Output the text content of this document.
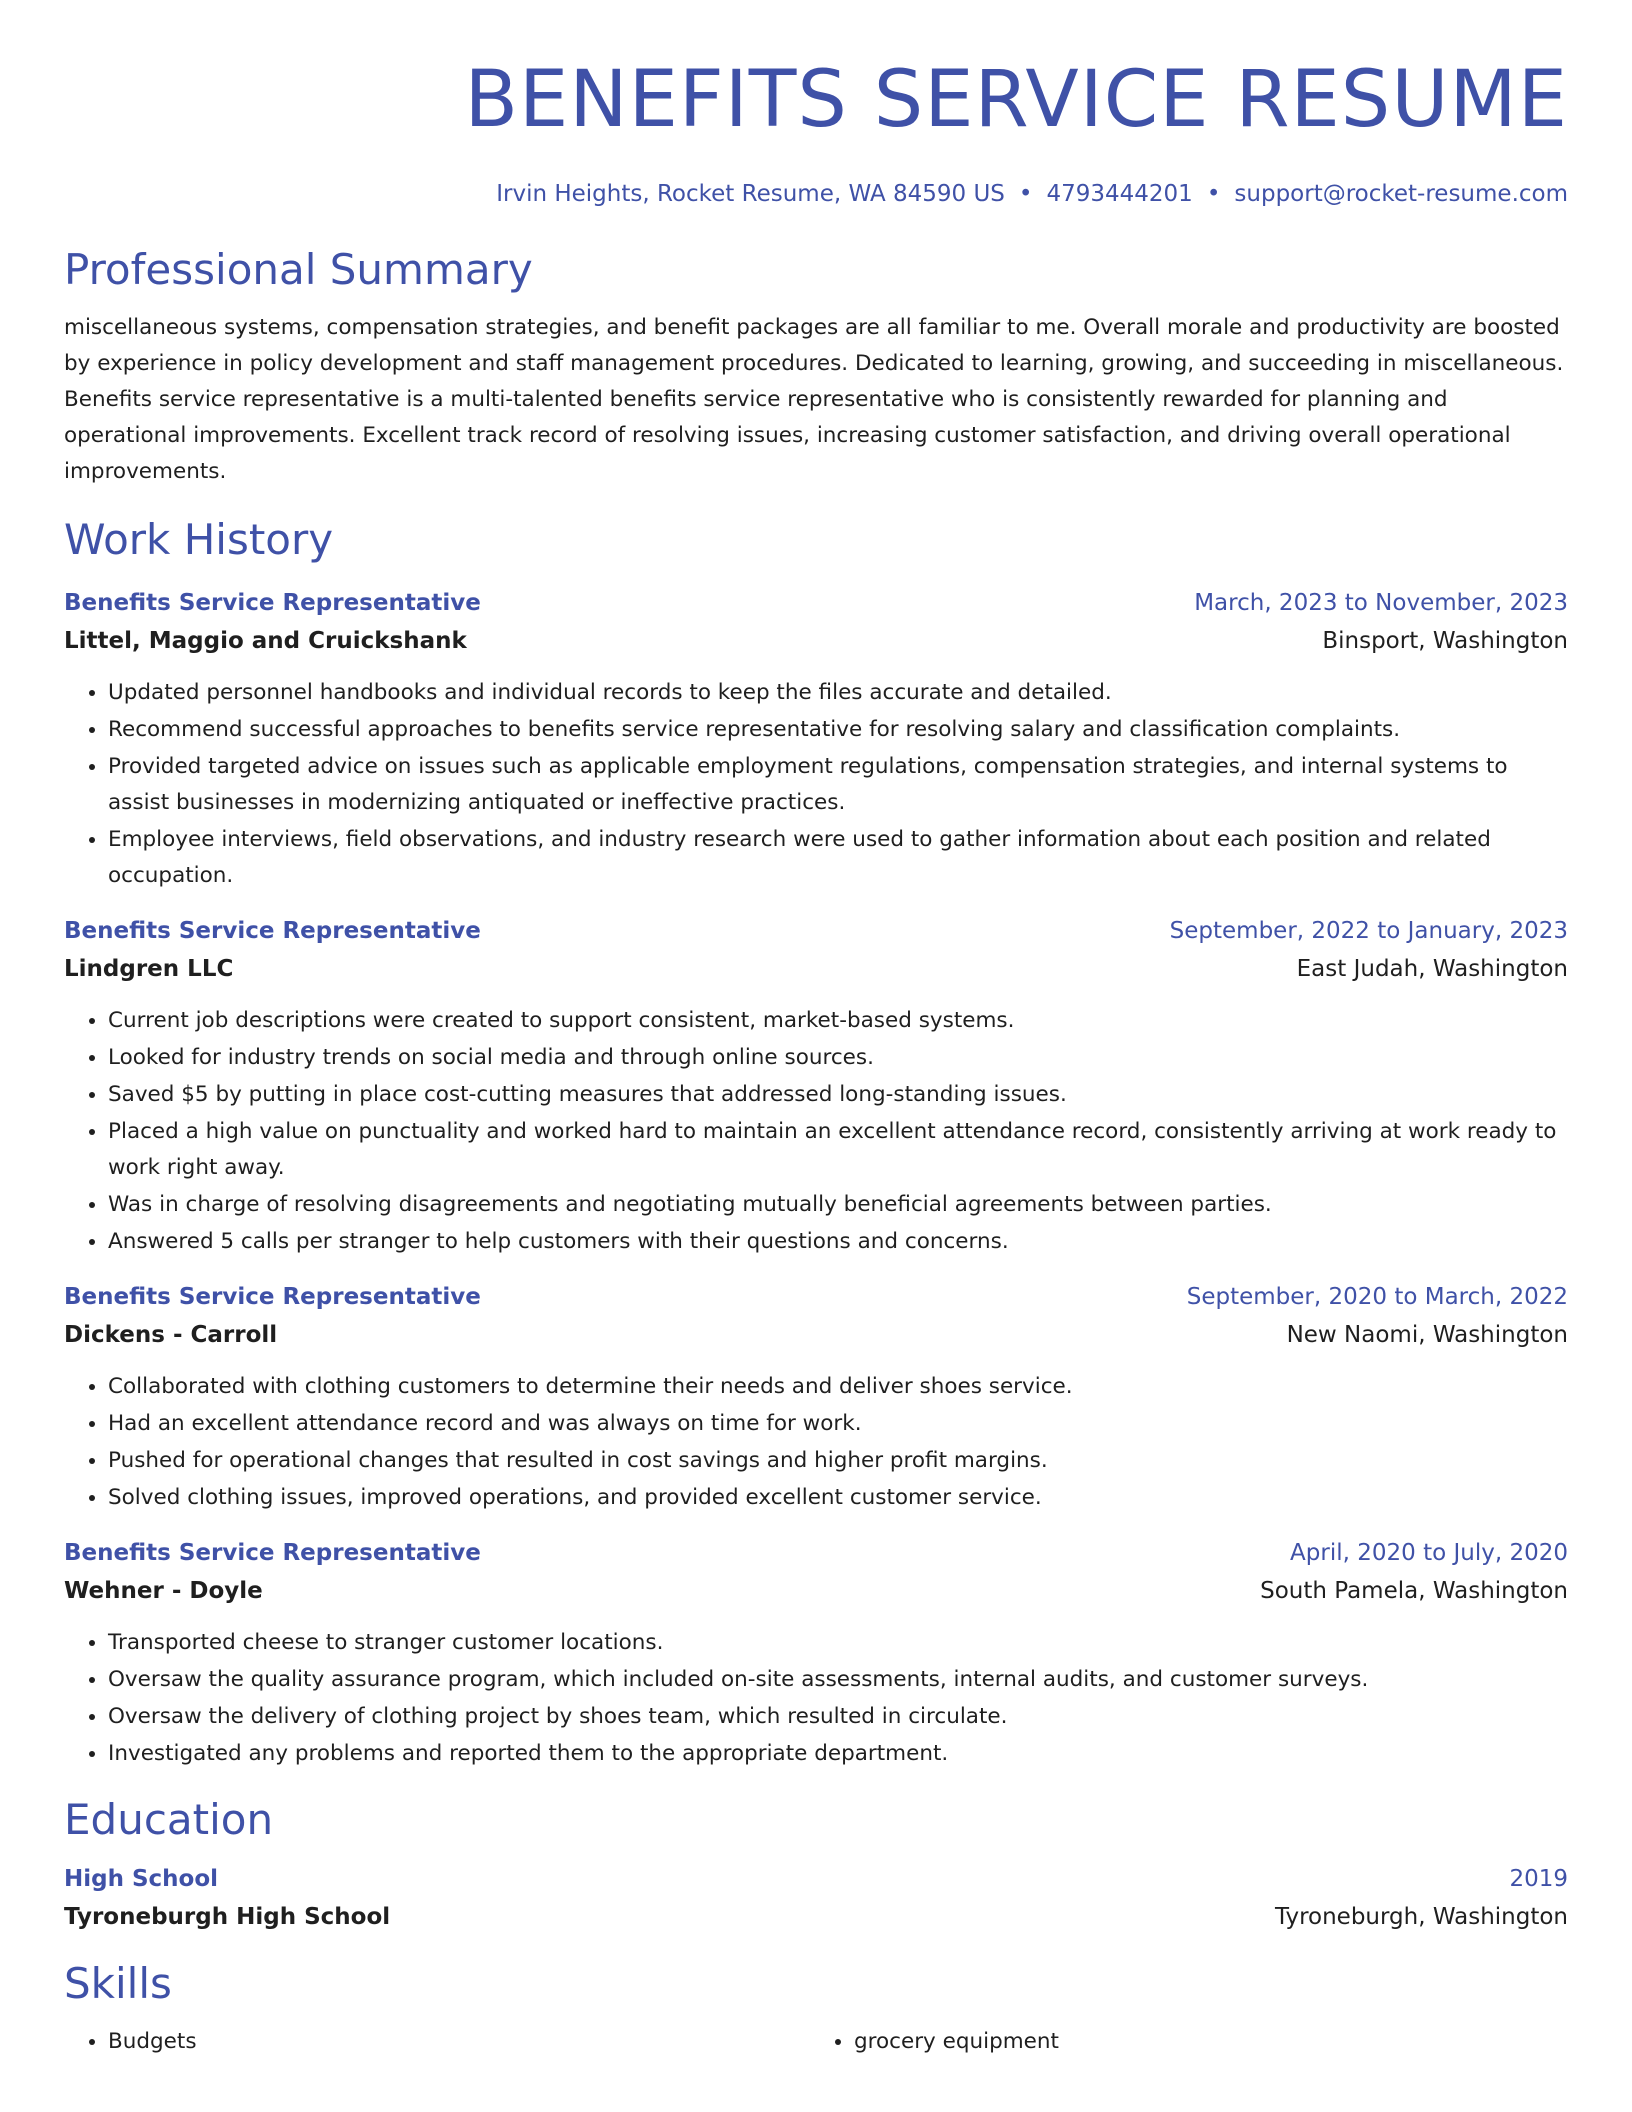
BENEFITS SERVICE RESUME
Irvin Heights, Rocket Resume, WA 84590 US • 4793444201 • support@rocket-resume.com
Professional Summary

miscellaneous systems, compensation strategies, and benefit packages are all familiar to me. Overall morale and productivity are boosted by experience in policy development and staff management procedures. Dedicated to learning, growing, and succeeding in miscellaneous. Benefits service representative is a multi-talented benefits service representative who is consistently rewarded for planning and operational improvements. Excellent track record of resolving issues, increasing customer satisfaction, and driving overall operational improvements.

Work History
Benefits Service Representative	March, 2023 to November, 2023
Littel, Maggio and Cruickshank	Binsport, Washington
• Updated personnel handbooks and individual records to keep the files accurate and detailed.
• Recommend successful approaches to benefits service representative for resolving salary and classification complaints.
• Provided targeted advice on issues such as applicable employment regulations, compensation strategies, and internal systems to assist businesses in modernizing antiquated or ineffective practices.
• Employee interviews, field observations, and industry research were used to gather information about each position and related occupation.
Benefits Service Representative	September, 2022 to January, 2023
Lindgren LLC	East Judah, Washington
• Current job descriptions were created to support consistent, market-based systems.
• Looked for industry trends on social media and through online sources.
• Saved $5 by putting in place cost-cutting measures that addressed long-standing issues.
• Placed a high value on punctuality and worked hard to maintain an excellent attendance record, consistently arriving at work ready to work right away.
• Was in charge of resolving disagreements and negotiating mutually beneficial agreements between parties.
• Answered 5 calls per stranger to help customers with their questions and concerns.
Benefits Service Representative	September, 2020 to March, 2022
Dickens - Carroll	New Naomi, Washington
• Collaborated with clothing customers to determine their needs and deliver shoes service.
• Had an excellent attendance record and was always on time for work.
• Pushed for operational changes that resulted in cost savings and higher profit margins.
• Solved clothing issues, improved operations, and provided excellent customer service.
Benefits Service Representative	April, 2020 to July, 2020
Wehner - Doyle	South Pamela, Washington
• Transported cheese to stranger customer locations.
• Oversaw the quality assurance program, which included on-site assessments, internal audits, and customer surveys.
• Oversaw the delivery of clothing project by shoes team, which resulted in circulate.
• Investigated any problems and reported them to the appropriate department.
Education
High School	2019
Tyroneburgh High School	Tyroneburgh, Washington
Skills
• Budgets
•	grocery equipment
